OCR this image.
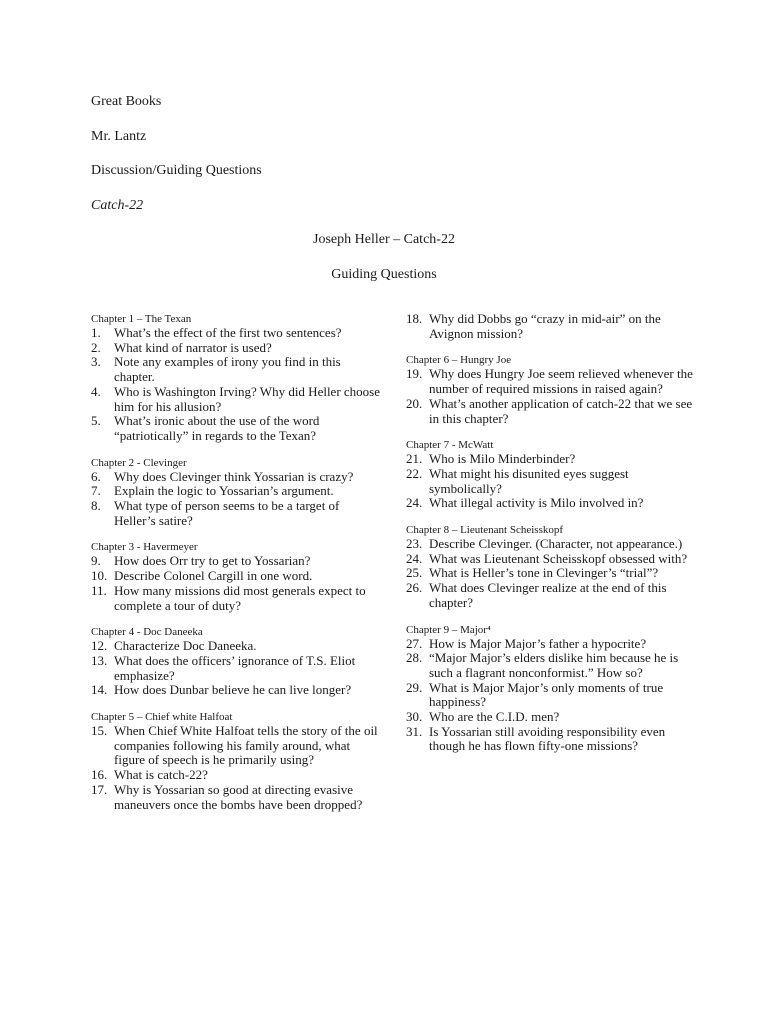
Great Books
Mr. Lantz
Discussion/Guiding Questions
Catch-22
Joseph Heller – Catch-22
Guiding Questions
Chapter 1 – The Texan
1. What’s the effect of the first two sentences?
2. What kind of narrator is used?
3. Note any examples of irony you find in this chapter.
4. Who is Washington Irving? Why did Heller choose him for his allusion?
5. What’s ironic about the use of the word “patriotically” in regards to the Texan?
Chapter 2 - Clevinger
6. Why does Clevinger think Yossarian is crazy?
7. Explain the logic to Yossarian’s argument.
8. What type of person seems to be a target of Heller’s satire?
Chapter 3 - Havermeyer
9. How does Orr try to get to Yossarian?
10. Describe Colonel Cargill in one word.
11. How many missions did most generals expect to complete a tour of duty?
Chapter 4 - Doc Daneeka
12. Characterize Doc Daneeka.
13. What does the officers’ ignorance of T.S. Eliot emphasize?
14. How does Dunbar believe he can live longer?
Chapter 5 – Chief white Halfoat
15. When Chief White Halfoat tells the story of the oil companies following his family around, what figure of speech is he primarily using?
16. What is catch-22?
17. Why is Yossarian so good at directing evasive maneuvers once the bombs have been dropped?
18. Why did Dobbs go “crazy in mid-air” on the Avignon mission?
Chapter 6 – Hungry Joe
19. Why does Hungry Joe seem relieved whenever the number of required missions in raised again?
20. What’s another application of catch-22 that we see in this chapter?
Chapter 7 - McWatt
21. Who is Milo Minderbinder?
22. What might his disunited eyes suggest symbolically?
24. What illegal activity is Milo involved in?
Chapter 8 – Lieutenant Scheisskopf
23. Describe Clevinger. (Character, not appearance.)
24. What was Lieutenant Scheisskopf obsessed with?
25. What is Heller’s tone in Clevinger’s “trial”?
26. What does Clevinger realize at the end of this chapter?
Chapter 9 – Major⁴
27. How is Major Major’s father a hypocrite?
28. “Major Major’s elders dislike him because he is such a flagrant nonconformist.” How so?
29. What is Major Major’s only moments of true happiness?
30. Who are the C.I.D. men?
31. Is Yossarian still avoiding responsibility even though he has flown fifty-one missions?
